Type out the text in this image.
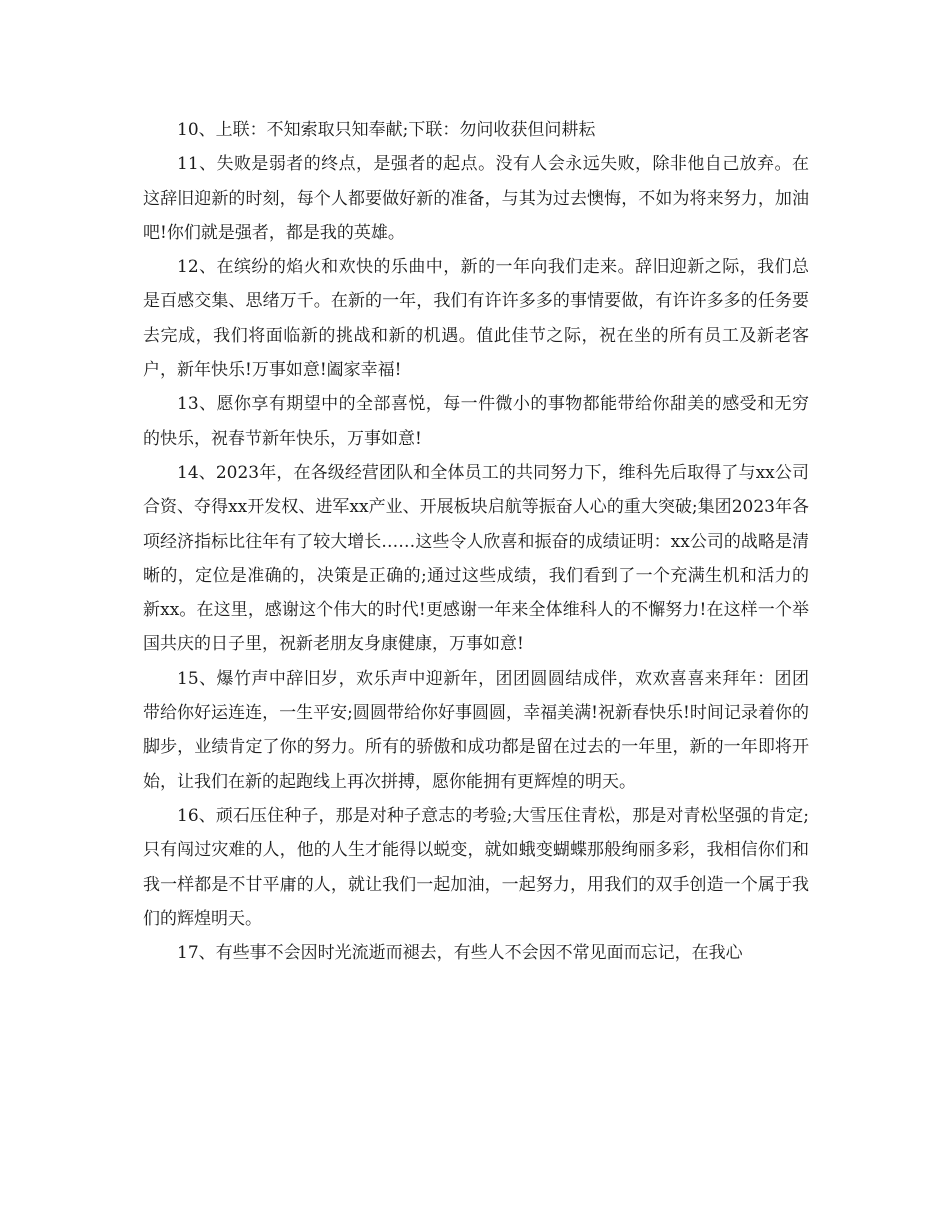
10、上联：不知索取只知奉献;下联：勿问收获但问耕耘

11、失败是弱者的终点，是强者的起点。没有人会永远失败，除非他自己放弃。在这辞旧迎新的时刻，每个人都要做好新的准备，与其为过去懊悔，不如为将来努力，加油吧!你们就是强者，都是我的英雄。

12、在缤纷的焰火和欢快的乐曲中，新的一年向我们走来。辞旧迎新之际，我们总是百感交集、思绪万千。在新的一年，我们有许许多多的事情要做，有许许多多的任务要去完成，我们将面临新的挑战和新的机遇。值此佳节之际，祝在坐的所有员工及新老客户，新年快乐!万事如意!阖家幸福!

13、愿你享有期望中的全部喜悦，每一件微小的事物都能带给你甜美的感受和无穷的快乐，祝春节新年快乐，万事如意!

14、2023年，在各级经营团队和全体员工的共同努力下，维科先后取得了与xx公司合资、夺得xx开发权、进军xx产业、开展板块启航等振奋人心的重大突破;集团2023年各项经济指标比往年有了较大增长……这些令人欣喜和振奋的成绩证明：xx公司的战略是清晰的，定位是准确的，决策是正确的;通过这些成绩，我们看到了一个充满生机和活力的新xx。在这里，感谢这个伟大的时代!更感谢一年来全体维科人的不懈努力!在这样一个举国共庆的日子里，祝新老朋友身康健康，万事如意!

15、爆竹声中辞旧岁，欢乐声中迎新年，团团圆圆结成伴，欢欢喜喜来拜年：团团带给你好运连连，一生平安;圆圆带给你好事圆圆，幸福美满!祝新春快乐!时间记录着你的脚步，业绩肯定了你的努力。所有的骄傲和成功都是留在过去的一年里，新的一年即将开始，让我们在新的起跑线上再次拼搏，愿你能拥有更辉煌的明天。

16、顽石压住种子，那是对种子意志的考验;大雪压住青松，那是对青松坚强的肯定;只有闯过灾难的人，他的人生才能得以蜕变，就如蛾变蝴蝶那般绚丽多彩，我相信你们和我一样都是不甘平庸的人，就让我们一起加油，一起努力，用我们的双手创造一个属于我们的辉煌明天。

17、有些事不会因时光流逝而褪去，有些人不会因不常见面而忘记，在我心
